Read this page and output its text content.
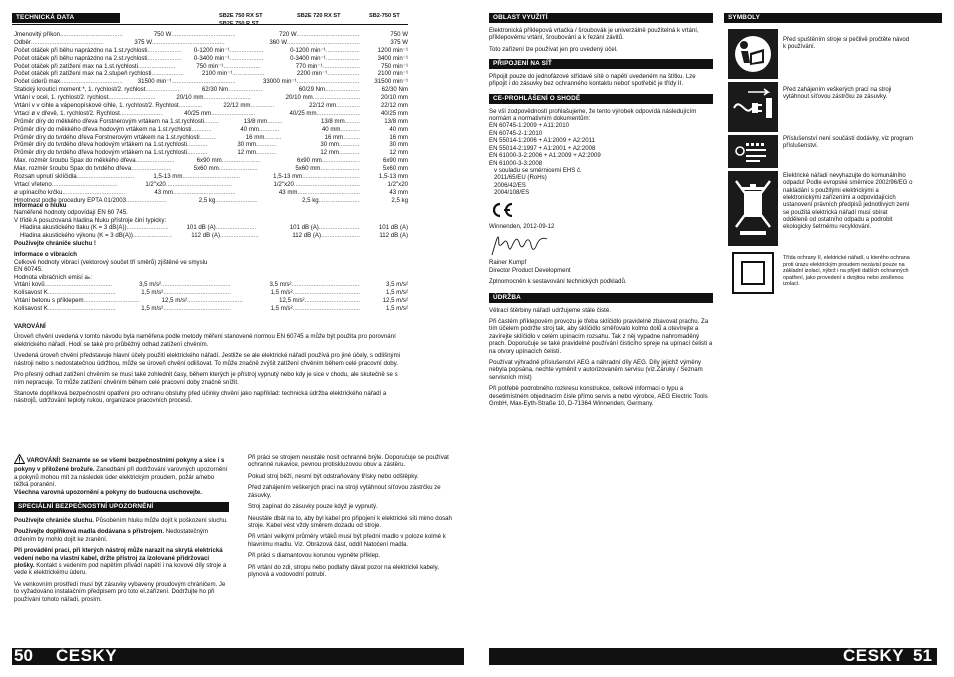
TECHNICKÁ DATA	SB2E 750 RX ST	SB2E 720 RX ST	SB2-750 ST
SB2E 750 R ST
Jmenovitý příkon .....	750 W .....	720 W .....	750 W
Odběr .....	375 W .....	360 W .....	375 W
Počet otáček při běhu naprázdno na 1.st.rychlosti .....	0-1200 min⁻¹ .....	0-1200 min⁻¹ .....	1200 min⁻¹
Počet otáček při běhu naprázdno na 2.st.rychlosti .....	0-3400 min⁻¹ .....	0-3400 min⁻¹ .....	3400 min⁻¹
Počet otáček při zatížení max na 1.st.rychlosti .....	750 min⁻¹ .....	770 min⁻¹ .....	750 min⁻¹
Počet otáček při zatížení max na 2.stupeň rychlosti .....	2100 min⁻¹ .....	2200 min⁻¹ .....	2100 min⁻¹
Počet úderů max .....	31500 min⁻¹ .....	33000 min⁻¹ .....	31500 min⁻¹
Statický kroutící moment *, 1. rychlost/2. rychlost .....	62/30 Nm .....	60/29 Nm .....	62/30 Nm
Vrtání v ocel, 1. rychlost/2. rychlost .....	20/10 mm .....	20/10 mm .....	20/10 mm
Vrtání v v cihle a vápenopískové cihle, 1. rychlost/2. Rychlost .....	22/12 mm .....	22/12 mm .....	22/12 mm
Vrtací ø v dřevě, 1. rychlost/2. Rychlost .....	40/25 mm .....	40/25 mm .....	40/25 mm
Průměr díry do měkkého dřeva Forstnerovým vrtákem na 1.st.rychlosti .....	13/8 mm .....	13/8 mm .....	13/8 mm
Průměr díry do měkkého dřeva hodovým vrtákem na 1.st.rychlosti .....	40 mm .....	40 mm .....	40 mm
Průměr díry do tvrdého dřeva Forstnerovým vrtákem na 1.st.rychlosti .....	16 mm .....	16 mm .....	16 mm
Průměr díry do tvrdého dřeva hodovým vrtákem na 1.st.rychlosti .....	30 mm .....	30 mm .....	30 mm
Průměr díry do tvrdého dřeva hodovým vrtákem na 1.st.rychlosti .....	12 mm .....	12 mm .....	12 mm
Max. rozměr šroubu Spax do měkkého dřeva .....	6x90 mm .....	6x90 mm .....	6x90 mm
Max. rozměr šroubu Spax do tvrdého dřeva .....	5x60 mm .....	5x60 mm .....	5x60 mm
Rozsah upnutí sklíčidla .....	1,5-13 mm .....	1,5-13 mm .....	1,5-13 mm
Vrtací vřeteno .....	1/2"x20 .....	1/2"x20 .....	1/2"x20
ø upínacího krčku .....	43 mm .....	43 mm .....	43 mm
Hmotnost podle procedury EPTA 01/2003 .....	2,5 kg .....	2,5 kg .....	2,5 kg
Informace o hluku
Naměřené hodnoty odpovídají EN 60 745.
V třídě A posuzovaná hladina hluku přístroje činí typicky:
Hladina akustického tlaku (K = 3 dB(A)) .....	101 dB (A) .....	101 dB (A) .....	101 dB (A)
Hladina akustického výkonu (K = 3 dB(A)) .....	112 dB (A) .....	112 dB (A) .....	112 dB (A)
Používejte chrániče sluchu !
Informace o vibracích
Celkové hodnoty vibrací (vektorový součet tří směrů) zjištěné ve smyslu EN 60745.
Hodnota vibračních emisí aₕ:
Vrtání kovů .....	3,5 m/s² .....	3,5 m/s² .....	3,5 m/s²
Kolísavost K .....	1,5 m/s² .....	1,5 m/s² .....	1,5 m/s²
Vrtání betonu s příklepem .....	12,5 m/s² .....	12,5 m/s² .....	12,5 m/s²
Kolísavost K .....	1,5 m/s² .....	1,5 m/s² .....	1,5 m/s²
VAROVÁNÍ

Úroveň chvění uvedená v tomto návodu byla naměřena podle metody měření stanovené normou EN 60745 a může být použita pro porovnání elektrického nářadí. Hodí se také pro průběžný odhad zatížení chvěním.

Uvedená úroveň chvění představuje hlavní účely použití elektrického nářadí. Jestliže se ale elektrické nářadí používá pro jiné účely, s odlišnými nástroji nebo s nedostatečnou údržbou, může se úroveň chvění odlišovat. To může značně zvýšit zatížení chvěním během celé pracovní doby.

Pro přesný odhad zatížení chvěním se musí také zohlednit časy, během kterých je přístroj vypnutý nebo kdy je sice v chodu, ale skutečně se s ním nepracuje. To může zatížení chvěním během celé pracovní doby značně snížit.

Stanovte doplňková bezpečnostní opatření pro ochranu obsluhy před účinky chvění jako například: technická údržba elektrického nářadí a nástrojů, udržování teploty rukou, organizace pracovních procesů.

VAROVÁNÍ! Seznamte se se všemi bezpečnostními pokyny a sice i s pokyny v přiložené brožuře. Zanedbání při dodržování varovných upozornění a pokynů mohou mít za následek úder elektrickým proudem, požár a/nebo těžká poranění.
Všechna varovná upozornění a pokyny do budoucna uschovejte.

SPECIÁLNÍ BEZPEČNOSTNÍ UPOZORNĚNÍ

Používejte chrániče sluchu. Působením hluku může dojít k poškození sluchu.

Používejte doplňková madla dodávana s přístrojem. Nedostatečným držením by mohlo dojít ke zranění.

Při provádění prací, při kterých nástroj může narazit na skrytá elektrická vedení nebo na vlastní kabel, držte přístroj za izolované přidržovací plošky. Kontakt s vedením pod napětím přivádí napětí i na kovové díly stroje a vede k elektrickému úderu.

Ve venkovním prostředí musí být zásuvky vybaveny proudovým chráničem. Je to vyžadováno instalačním předpisem pro toto el.zařízení. Dodržujte ho při používání tohoto nářadí, prosím.

Při práci se strojem neustále nosit ochranné brýle. Doporučuje se používat ochranné rukavice, pevnou protiskluzovou obuv a zástěru.

Pokud stroj běží, nesmí být odstraňovány třísky nebo odštěpky.

Před zahájením veškerých prací na stroji vytáhnout síťovou zástrčku ze zásuvky.

Stroj zapínat do zásuvky pouze když je vypnutý.

Neustále dbát na to, aby byl kabel pro připojení k elektrické síti mimo dosah stroje. Kabel vést vždy směrem dozadu od stroje.

Při vrtání velkými průměry vrtáků musí být přední madlo v poloze kolmé k hlavnímu madlu. Viz. Obrázová část, oddíl Natočení madla.

Při práci s diamantovou korunou vypněte příklep.

Při vrtání do zdi, stropu nebo podlahy dávat pozor na elektrické kabely, plynová a vodovodní potrubí.

50 ČESKY
OBLAST VYUŽITÍ

Elektronická příklepová vrtačka / šroubovák je univerzálně použitelná k vrtání, příklepovému vrtání, šroubování a k řezání závitů.

Toto zařízení lze používat jen pro uvedený účel.

PŘIPOJENÍ NA SÍŤ

Připojit pouze do jednofázové střídavé sítě o napětí uvedeném na štítku. Lze připojit i do zásuvky bez ochranného kontaktu neboť spotřebič je třídy II.

CE-PROHLÁŠENÍ O SHODĚ
Se vší zodpovědností prohlašujeme, že tento výrobek odpovídá následujícím normám a normativním dokumentům:
EN 60745-1:2009 + A11:2010
EN 60745-2-1:2010
EN 55014-1:2006 + A1:2009 + A2:2011
EN 55014-2:1997 + A1:2001 + A2:2008
EN 61000-3-2:2006 + A1:2009 + A2:2009
EN 61000-3-3:2008
v souladu se směrnicemi EHS č.
2011/65/EU (RoHs)
2006/42/ES
2004/108/ES
Winnenden, 2012-09-12
Rainer Kumpf
Director Product Development

Zplnomocněn k sestavování technických podkladů.

ÚDRŽBA

Větrací štěrbiny nářadí udržujeme stále čisté.

Při častém příklepovém provozu je třeba sklíčidlo pravidelně zbavovat prachu. Za tím účelem podržte stroj tak, aby sklíčidlo směřovalo kolmo dolů a otevírejte a zavírejte sklíčidlo v celém upínacím rozsahu. Tak z něj vypadne nahromaděný prach. Doporučuje se také pravidelné používání čisticího spreje na upínací čelisti a na otvory upínacích čelistí.

Používat výhradně příslušenství AEG a náhradní díly AEG. Díly jejichž výměny nebyla popsána, nechte vyměnit v autorizovaném servisu (viz.Záruky / Seznam servisních míst)

Při potřebě podrobného rozkresu konstrukce, celkové informaci o typu a desetimístném objednacím čísle přímo servis a nebo výrobce, AEG Electric Tools GmbH, Max-Eyth-Straße 10, D-71364 Winnenden, Germany.

SYMBOLY
Před spuštěním stroje si pečlivě pročtěte návod k používání.
Před zahájením veškerých prací na stroji vytáhnout síťovou zástrčku ze zásuvky.
Příslušenství není součástí dodávky, viz program příslušenství.
Elektrické nářadí nevyhazujte do komunálního odpadu! Podle evropské směrnice 2002/96/EG o nakládání s použitými elektrickými a elektronickými zařízeními a odpovídajících ustanovení právních předpisů jednotlivých zemí se použitá elektrická nářadí musí sbírat odděleně od ostatního odpadu a podrobit ekologicky šetrnému recyklování.
Třída ochrany II, elektrické nářadí, u kterého ochrana proti úrazu elektrickým proudem nezávisí pouze na základní izolaci, nýbrž i na přijetí dalších ochranných opatření, jako provedení s dvojitou nebo zesílenou izolací.
ČESKY 51
